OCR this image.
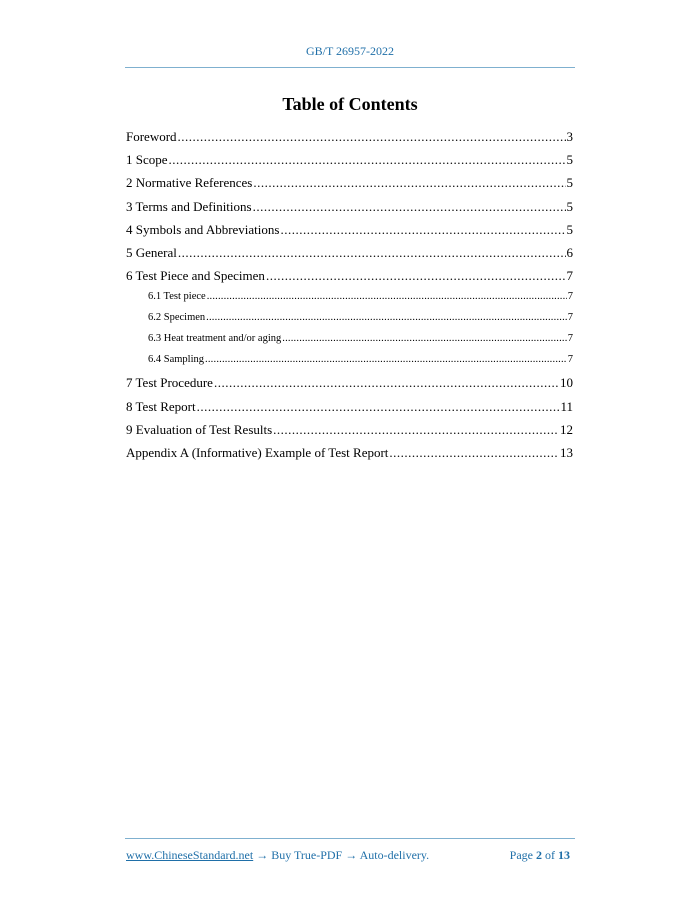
GB/T 26957-2022
Table of Contents
Foreword .....	3
1 Scope .....	5
2 Normative References .....	5
3 Terms and Definitions .....	5
4 Symbols and Abbreviations .....	5
5 General .....	6
6 Test Piece and Specimen .....	7
6.1 Test piece .....	7
6.2 Specimen .....	7
6.3 Heat treatment and/or aging .....	7
6.4 Sampling .....	7
7 Test Procedure .....	10
8 Test Report .....	11
9 Evaluation of Test Results .....	12
Appendix A (Informative) Example of Test Report .....	13
www.ChineseStandard.net → Buy True-PDF → Auto-delivery.	Page 2 of 13
